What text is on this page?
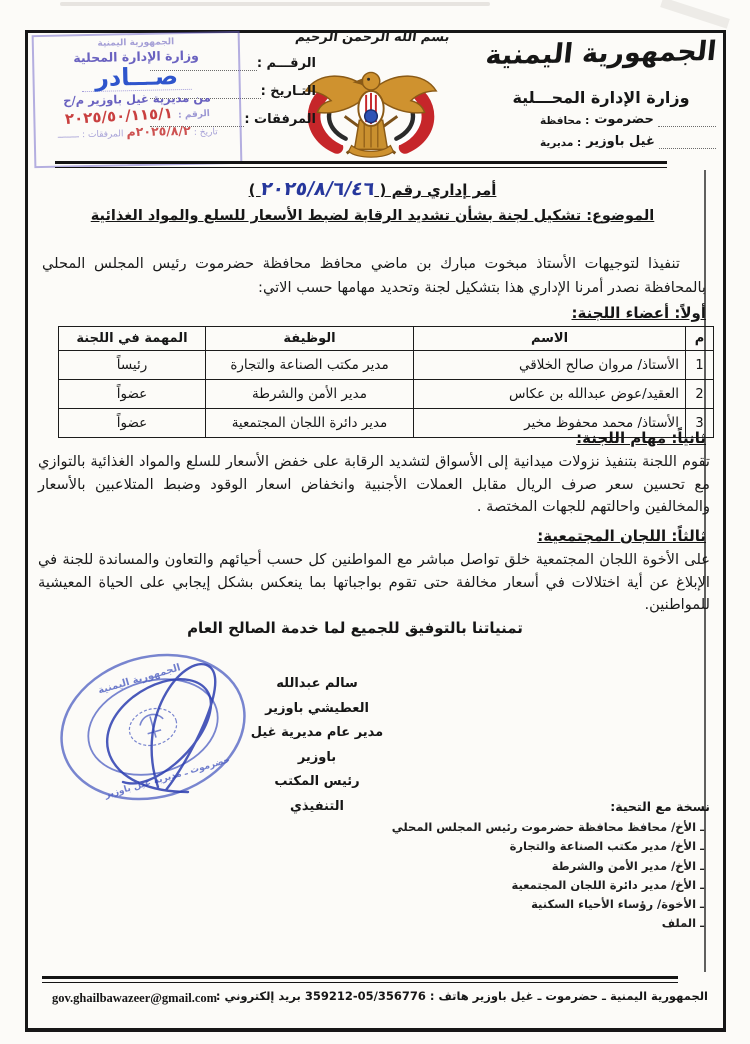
بسم الله الرحمن الرحيم الجمهورية اليمنية
وزارة الإدارة المحـــلية
محافظة : حضرموت
مديرية : غيل باوزير
الرقـــم :
التـاريخ :
المرفقات :
الجمهورية اليمنية
وزارة الإدارة المحلية
صـــادر
من مديرية غيل باوزير م/ح
الرقم : ٢٠٢٥/٥٠/١١٥/١
تاريخ : ٢٠٢٥/٨/٢م المرفقات : ــــــــ
أمر إداري رقم ( ٢٠٢٥/٨/٦/٤٦ )
الموضوع: تشكيل لجنة بشأن تشديد الرقابة لضبط الأسعار للسلع والمواد الغذائية
تنفيذا لتوجيهات الأستاذ مبخوت مبارك بن ماضي محافظ محافظة حضرموت رئيس المجلس المحلي بالمحافظة نصدر أمرنا الإداري هذا بتشكيل لجنة وتحديد مهامها حسب الاتي:
أولاً: أعضاء اللجنة:
م	الاسم	الوظيفة	المهمة في اللجنة
1	الأستاذ/ مروان صالح الخلاقي	مدير مكتب الصناعة والتجارة	رئيساً
2	العقيد/عوض عبدالله بن عكاس	مدير الأمن والشرطة	عضواً
3	الأستاذ/ محمد محفوظ مخير	مدير دائرة اللجان المجتمعية	عضواً
ثانياً: مهام اللجنة:
تقوم اللجنة بتنفيذ نزولات ميدانية إلى الأسواق لتشديد الرقابة على خفض الأسعار للسلع والمواد الغذائية بالتوازي مع تحسين سعر صرف الريال مقابل العملات الأجنبية وانخفاض اسعار الوقود وضبط المتلاعبين بالأسعار والمخالفين واحالتهم للجهات المختصة .
ثالثاً: اللجان المجتمعية:
على الأخوة اللجان المجتمعية خلق تواصل مباشر مع المواطنين كل حسب أحيائهم والتعاون والمساندة للجنة في الإبلاغ عن أية اختلالات في أسعار مخالفة حتى تقوم بواجباتها بما ينعكس بشكل إيجابي على الحياة المعيشية للمواطنين.
تمنياتنا بالتوفيق للجميع لما خدمة الصالح العام
سالم عبدالله العطيشي باوزير
مدير عام مديرية غيل باوزير
رئيس المكتب التنفيذي
الجمهورية اليمنية
حضرموت ـ مديرية غيل باوزير
نسخة مع التحية:
ـ الأخ/ محافظ محافظة حضرموت رئيس المجلس المحلي
ـ الأخ/ مدير مكتب الصناعة والتجارة
ـ الأخ/ مدير الأمن والشرطة
ـ الأخ/ مدير دائرة اللجان المجتمعية
ـ الأخوة/ رؤساء الأحياء السكنية
ـ الملف
الجمهورية اليمنية ـ حضرموت ـ غيل باوزير هاتف : 05/356776-359212 بريد إلكتروني :
gov.ghailbawazeer@gmail.com
